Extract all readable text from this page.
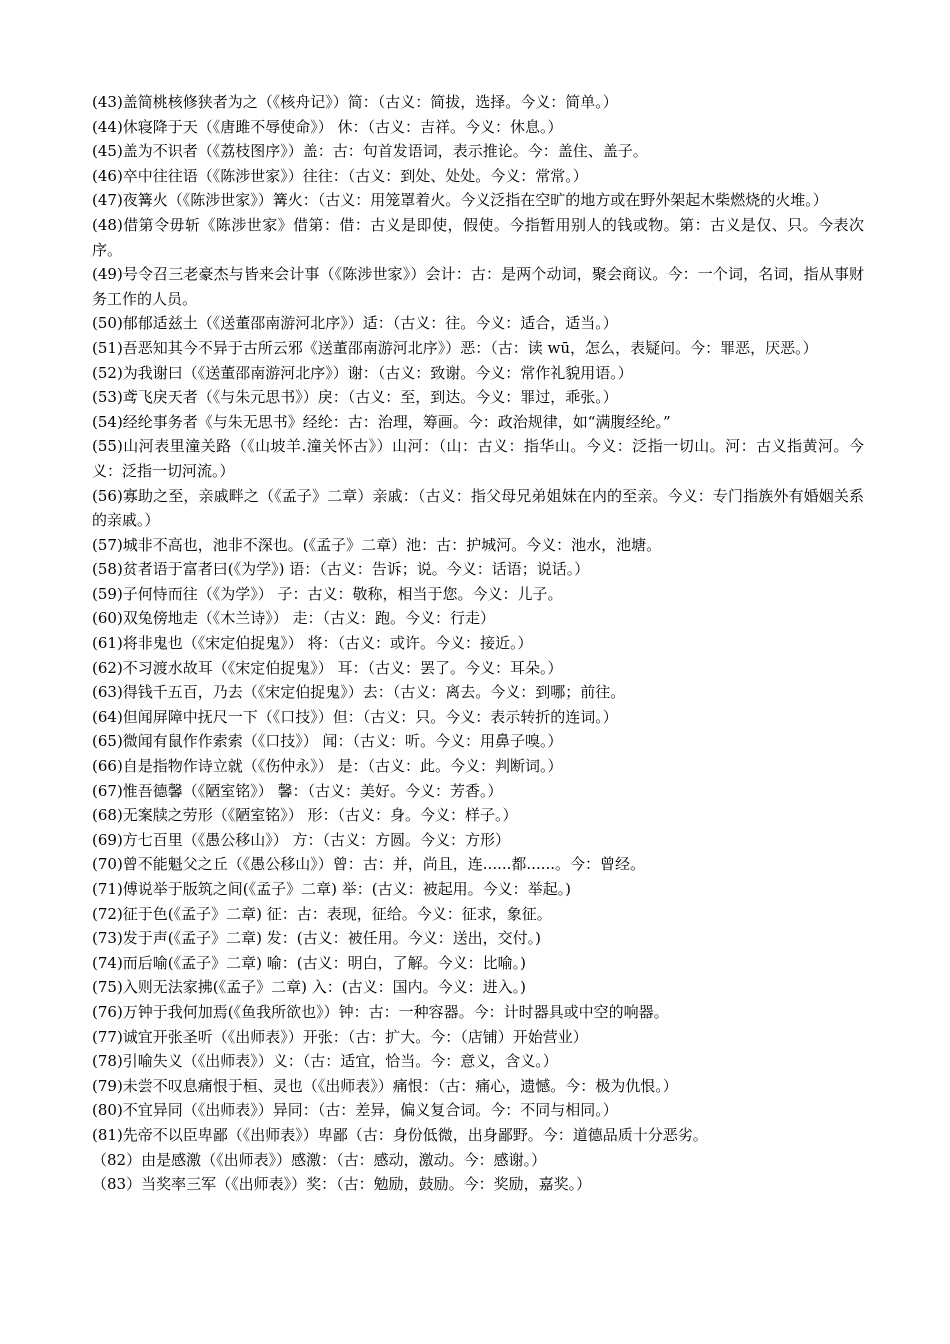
(43)盖简桃核修狭者为之（《核舟记》）简：（古义：简拔，选择。今义：简单。）

(44)休寝降于天（《唐雎不辱使命》） 休：（古义：吉祥。今义：休息。）

(45)盖为不识者（《荔枝图序》）盖：古：句首发语词，表示推论。今：盖住、盖子。

(46)卒中往往语（《陈涉世家》）往往：（古义：到处、处处。今义：常常。）

(47)夜篝火（《陈涉世家》）篝火：（古义：用笼罩着火。今义泛指在空旷的地方或在野外架起木柴燃烧的火堆。）

(48)借第令毋斩《陈涉世家》借第：借：古义是即使，假使。今指暂用别人的钱或物。第：古义是仅、只。今表次序。

(49)号令召三老豪杰与皆来会计事（《陈涉世家》）会计：古：是两个动词，聚会商议。今：一个词，名词，指从事财务工作的人员。

(50)郁郁适兹土（《送董邵南游河北序》）适：（古义：往。今义：适合，适当。）

(51)吾恶知其今不异于古所云邪《送董邵南游河北序》）恶：（古：读 wū，怎么，表疑问。今：罪恶，厌恶。）

(52)为我谢曰（《送董邵南游河北序》）谢：（古义：致谢。今义：常作礼貌用语。）

(53)鸢飞戾天者（《与朱元思书》）戾：（古义：至，到达。今义：罪过，乖张。）

(54)经纶事务者《与朱无思书》经纶：古：治理，筹画。今：政治规律，如“满腹经纶。”

(55)山河表里潼关路（《山坡羊.潼关怀古》）山河：（山：古义：指华山。今义：泛指一切山。河：古义指黄河。今义：泛指一切河流。）

(56)寡助之至，亲戚畔之（《孟子》二章）亲戚：（古义：指父母兄弟姐妹在内的至亲。今义：专门指族外有婚姻关系的亲戚。）

(57)城非不高也，池非不深也。(《孟子》二章）池：古：护城河。今义：池水，池塘。

(58)贫者语于富者曰(《为学》) 语：（古义：告诉；说。今义：话语；说话。）

(59)子何恃而往（《为学》） 子：古义：敬称，相当于您。今义：儿子。

(60)双兔傍地走（《木兰诗》） 走：（古义：跑。今义：行走）

(61)将非鬼也（《宋定伯捉鬼》） 将：（古义：或许。今义：接近。）

(62)不习渡水故耳（《宋定伯捉鬼》） 耳：（古义：罢了。今义：耳朵。）

(63)得钱千五百，乃去（《宋定伯捉鬼》）去：（古义：离去。今义：到哪；前往。

(64)但闻屏障中抚尺一下（《口技》）但：（古义：只。今义：表示转折的连词。）

(65)微闻有鼠作作索索（《口技》） 闻：（古义：听。今义：用鼻子嗅。）

(66)自是指物作诗立就（《伤仲永》） 是：（古义：此。今义：判断词。）

(67)惟吾德馨（《陋室铭》） 馨：（古义：美好。今义：芳香。）

(68)无案牍之劳形（《陋室铭》） 形：（古义：身。今义：样子。）

(69)方七百里（《愚公移山》） 方：（古义：方圆。今义：方形）

(70)曾不能魁父之丘（《愚公移山》）曾：古：并，尚且，连......都......。今：曾经。

(71)傅说举于版筑之间(《孟子》二章) 举：(古义：被起用。今义：举起。)

(72)征于色(《孟子》二章) 征：古：表现，征给。今义：征求，象征。

(73)发于声(《孟子》二章) 发：(古义：被任用。今义：送出，交付。)

(74)而后喻(《孟子》二章) 喻：(古义：明白，了解。今义：比喻。)

(75)入则无法家拂(《孟子》二章) 入：(古义：国内。今义：进入。)

(76)万钟于我何加焉(《鱼我所欲也》）钟：古：一种容器。今：计时器具或中空的响器。

(77)诚宜开张圣听（《出师表》）开张：（古：扩大。今：（店铺）开始营业）

(78)引喻失义（《出师表》）义：（古：适宜，恰当。今：意义，含义。）

(79)未尝不叹息痛恨于桓、灵也（《出师表》）痛恨：（古：痛心，遗憾。今：极为仇恨。）

(80)不宜异同（《出师表》）异同：（古：差异，偏义复合词。今：不同与相同。）

(81)先帝不以臣卑鄙（《出师表》）卑鄙（古：身份低微，出身鄙野。今：道德品质十分恶劣。

（82）由是感激（《出师表》）感激：（古：感动，激动。今：感谢。）

（83）当奖率三军（《出师表》）奖：（古：勉励，鼓励。今：奖励，嘉奖。）
